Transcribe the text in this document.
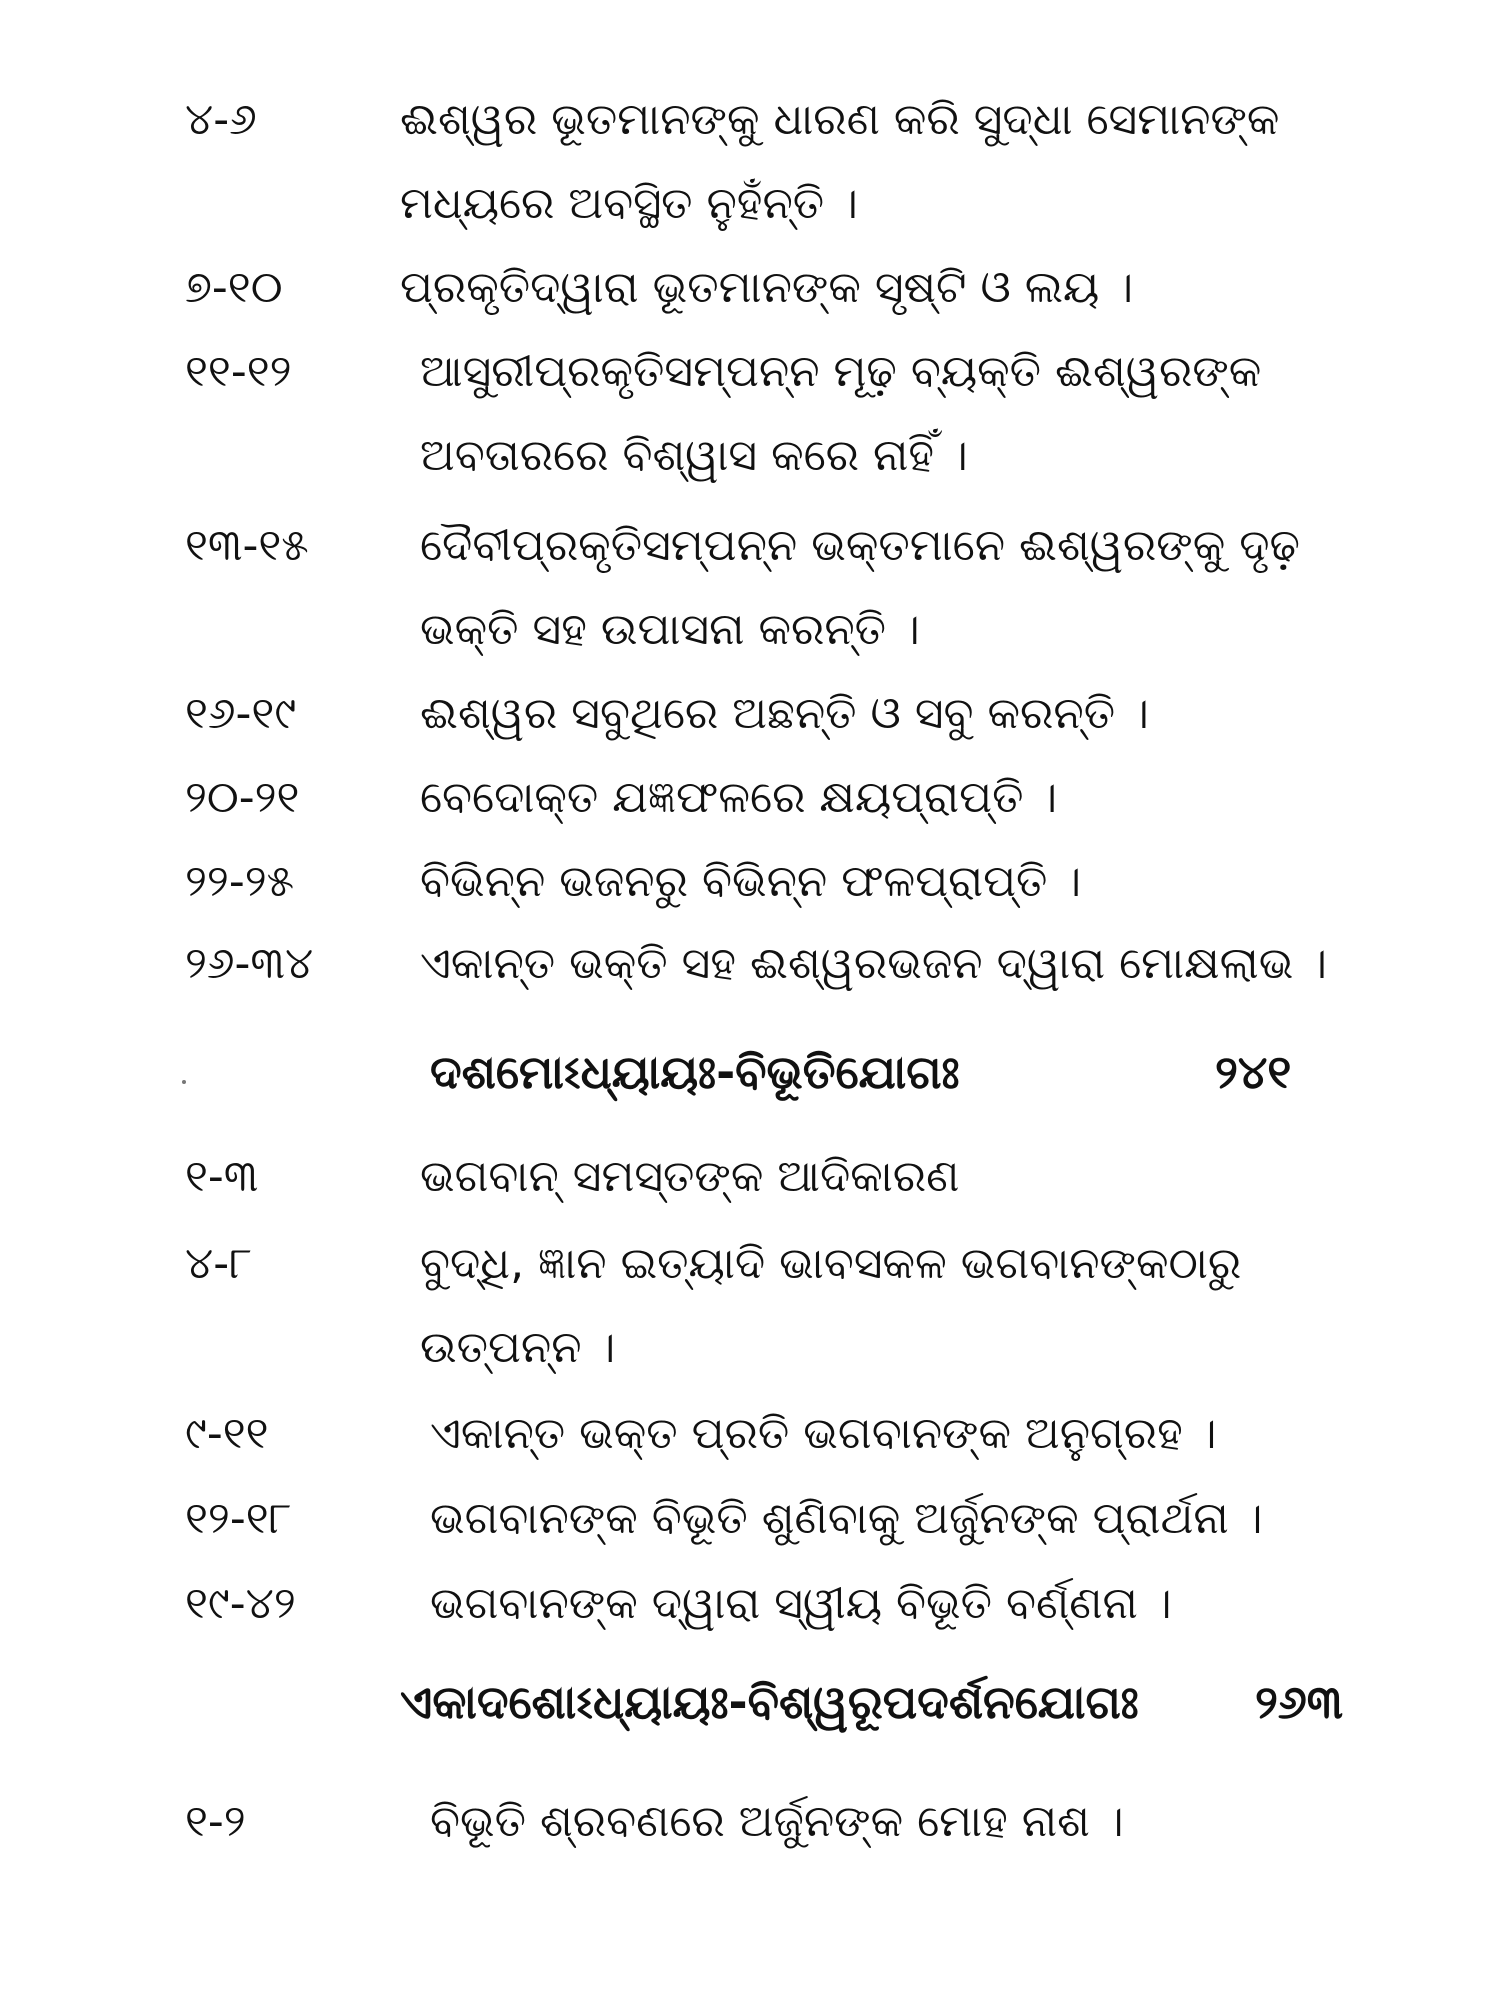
୪-୬	ଈଶ୍ୱର ଭୂତମାନଙ୍କୁ ଧାରଣ କରି ସୁଦ୍ଧା ସେମାନଙ୍କ
ମଧ୍ୟରେ ଅବସ୍ଥିତ ନୁହଁନ୍ତି ।
୭-୧୦	ପ୍ରକୃତିଦ୍ୱାରା ଭୂତମାନଙ୍କ ସୃଷ୍ଟି ଓ ଲୟ ।
୧୧-୧୨	ଆସୁରୀପ୍ରକୃତିସମ୍ପନ୍ନ ମୂଢ଼ ବ୍ୟକ୍ତି ଈଶ୍ୱରଙ୍କ
ଅବତାରରେ ବିଶ୍ୱାସ କରେ ନାହିଁ ।
୧୩-୧୫	ଦୈବୀପ୍ରକୃତିସମ୍ପନ୍ନ ଭକ୍ତମାନେ ଈଶ୍ୱରଙ୍କୁ ଦୃଢ଼
ଭକ୍ତି ସହ ଉପାସନା କରନ୍ତି ।
୧୬-୧୯	ଈଶ୍ୱର ସବୁଥିରେ ଅଛନ୍ତି ଓ ସବୁ କରନ୍ତି ।
୨୦-୨୧	ବେଦୋକ୍ତ ଯଜ୍ଞଫଳରେ କ୍ଷୟପ୍ରାପ୍ତି ।
୨୨-୨୫	ବିଭିନ୍ନ ଭଜନରୁ ବିଭିନ୍ନ ଫଳପ୍ରାପ୍ତି ।
୨୬-୩୪ ଏକାନ୍ତ ଭକ୍ତି ସହ ଈଶ୍ୱରଭଜନ ଦ୍ୱାରା ମୋକ୍ଷଲାଭ ।
ଦଶମୋଽଧ୍ୟାୟଃ-ବିଭୂତିଯୋଗଃ	୨୪୧
୧-୩	ଭଗବାନ୍ ସମସ୍ତଙ୍କ ଆଦିକାରଣ
୪-୮	ବୁଦ୍ଧି, ଜ୍ଞାନ ଇତ୍ୟାଦି ଭାବସକଳ ଭଗବାନଙ୍କଠାରୁ
ଉତ୍ପନ୍ନ ।
୯-୧୧	ଏକାନ୍ତ ଭକ୍ତ ପ୍ରତି ଭଗବାନଙ୍କ ଅନୁଗ୍ରହ ।
୧୨-୧୮	ଭଗବାନଙ୍କ ବିଭୂତି ଶୁଣିବାକୁ ଅର୍ଜୁନଙ୍କ ପ୍ରାର୍ଥନା ।
୧୯-୪୨	ଭଗବାନଙ୍କ ଦ୍ୱାରା ସ୍ୱୀୟ ବିଭୂତି ବର୍ଣ୍ଣନା ।
ଏକାଦଶୋଽଧ୍ୟାୟଃ-ବିଶ୍ୱରୂପଦର୍ଶନଯୋଗଃ	୨୬୩
୧-୨	ବିଭୂତି ଶ୍ରବଣରେ ଅର୍ଜୁନଙ୍କ ମୋହ ନାଶ ।
